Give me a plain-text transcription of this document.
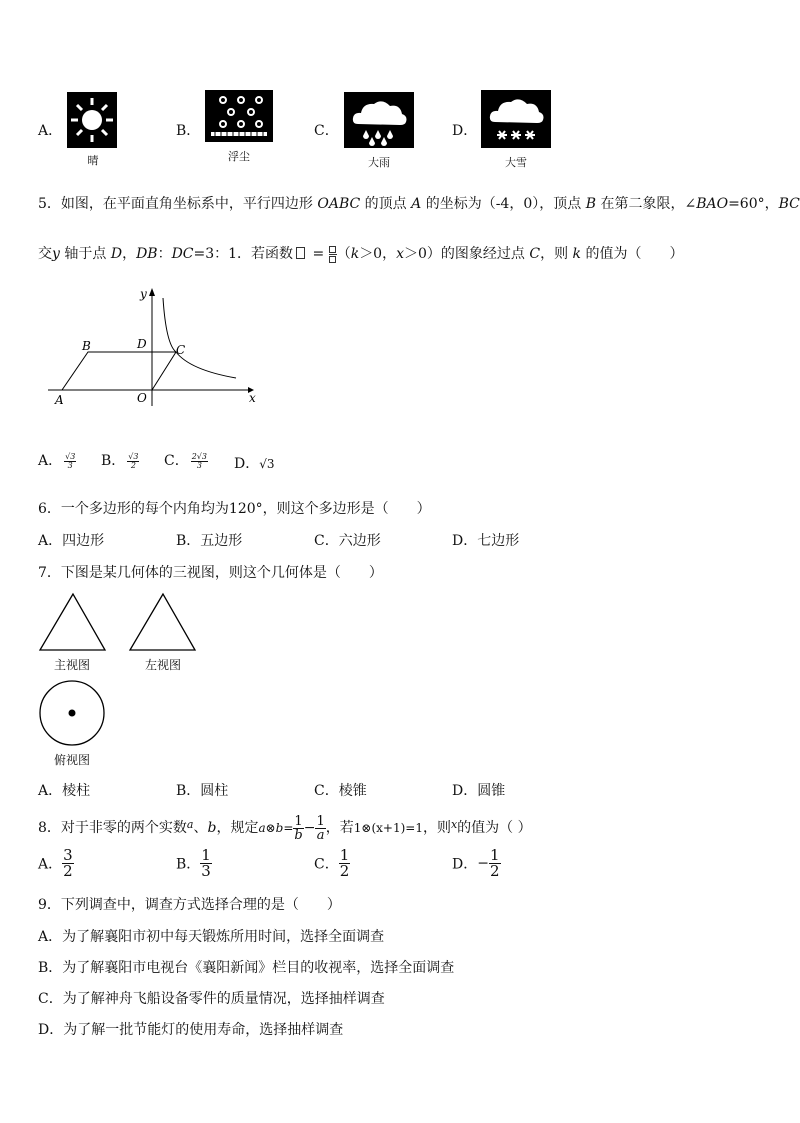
A．
晴
B．
浮尘
C．
大雨
D．
大雪
5．如图，在平面直角坐标系中，平行四边形 OABC 的顶点 A 的坐标为（-4，0），顶点 B 在第二象限，∠BAO=60°，BC
交y 轴于点 D，DB：DC=3：1．若函数 =
（k＞0，x＞0）的图象经过点 C，则 k 的值为（　　）
y
x
B	D C
A	O
A． $\frac{√3}{3}$ B． $\frac{√3}{2}$ C． $\frac{2√3}{3}$ D．√3
6．一个多边形的每个内角均为120°，则这个多边形是（　　）
A．四边形	B．五边形	C．六边形	D．七边形
7．下图是某几何体的三视图，则这个几何体是（　　）
主视图	左视图
俯视图
A．棱柱	B．圆柱	C．棱锥	D．圆锥
8．对于非零的两个实数$^a$、b，规定a⊗b= $\frac{1}{b} - \frac{1}{a}$ ，若1⊗(x+1)=1，则$^x$的值为（ ）
A． $\frac{3}{2}$	B． $\frac{1}{3}$	C． $\frac{1}{2}$	D．− $\frac{1}{2}$
9．下列调查中，调查方式选择合理的是（　　）
A．为了解襄阳市初中每天锻炼所用时间，选择全面调查
B．为了解襄阳市电视台《襄阳新闻》栏目的收视率，选择全面调查
C．为了解神舟飞船设备零件的质量情况，选择抽样调查
D．为了解一批节能灯的使用寿命，选择抽样调查
